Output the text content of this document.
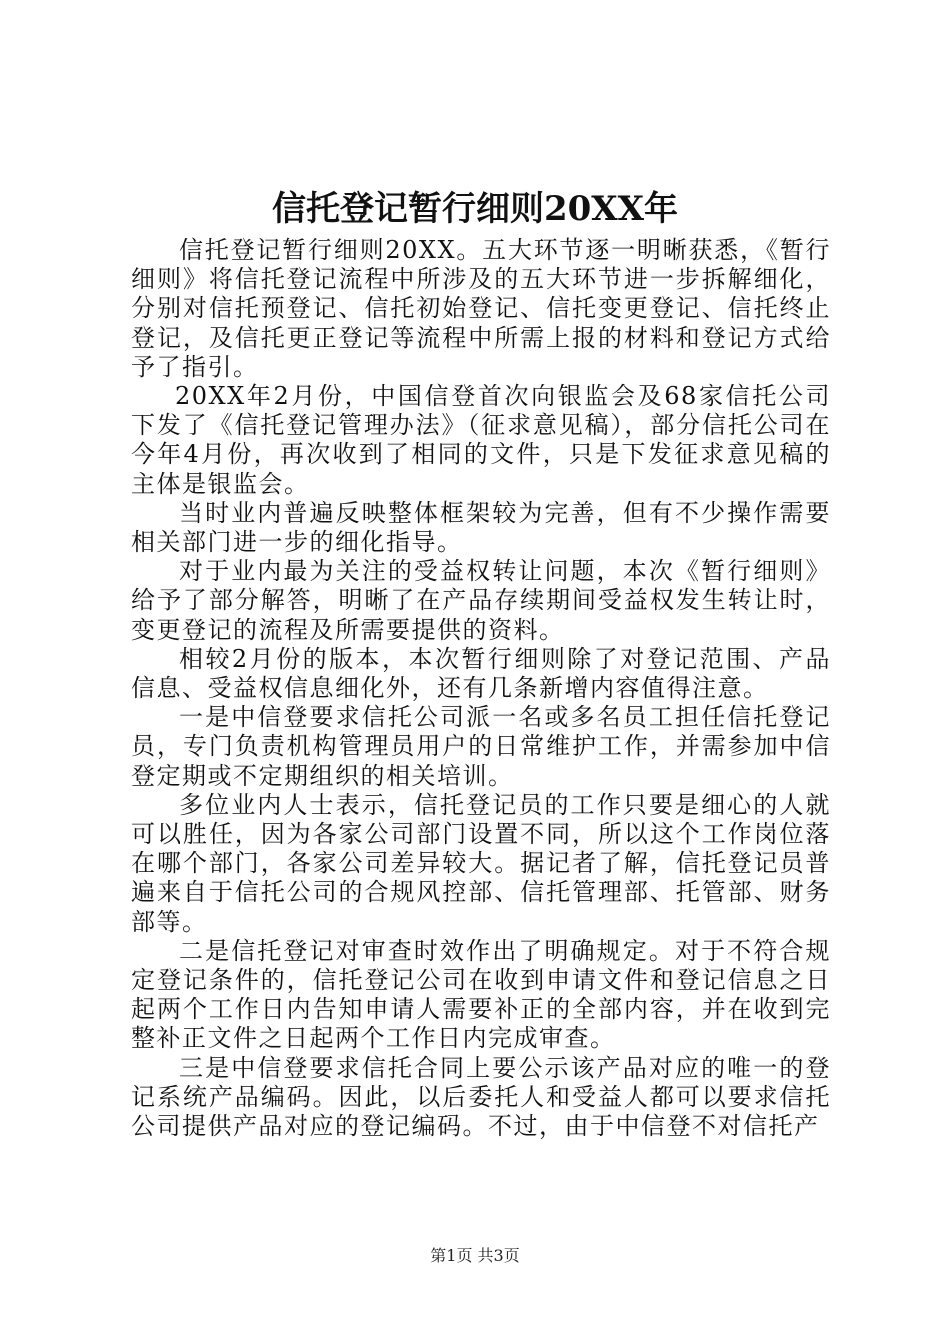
信托登记暂行细则20XX年

信托登记暂行细则20XX。五大环节逐一明晰获悉，《暂行细则》将信托登记流程中所涉及的五大环节进一步拆解细化，分别对信托预登记、信托初始登记、信托变更登记、信托终止登记，及信托更正登记等流程中所需上报的材料和登记方式给予了指引。

20XX年2月份，中国信登首次向银监会及68家信托公司下发了《信托登记管理办法》（征求意见稿），部分信托公司在今年4月份，再次收到了相同的文件，只是下发征求意见稿的主体是银监会。

当时业内普遍反映整体框架较为完善，但有不少操作需要相关部门进一步的细化指导。

对于业内最为关注的受益权转让问题，本次《暂行细则》给予了部分解答，明晰了在产品存续期间受益权发生转让时，变更登记的流程及所需要提供的资料。

相较2月份的版本，本次暂行细则除了对登记范围、产品信息、受益权信息细化外，还有几条新增内容值得注意。

一是中信登要求信托公司派一名或多名员工担任信托登记员，专门负责机构管理员用户的日常维护工作，并需参加中信登定期或不定期组织的相关培训。

多位业内人士表示，信托登记员的工作只要是细心的人就可以胜任，因为各家公司部门设置不同，所以这个工作岗位落在哪个部门，各家公司差异较大。据记者了解，信托登记员普遍来自于信托公司的合规风控部、信托管理部、托管部、财务部等。

二是信托登记对审查时效作出了明确规定。对于不符合规定登记条件的，信托登记公司在收到申请文件和登记信息之日起两个工作日内告知申请人需要补正的全部内容，并在收到完整补正文件之日起两个工作日内完成审查。

三是中信登要求信托合同上要公示该产品对应的唯一的登记系统产品编码。因此，以后委托人和受益人都可以要求信托公司提供产品对应的登记编码。不过，由于中信登不对信托产

第1页 共3页
